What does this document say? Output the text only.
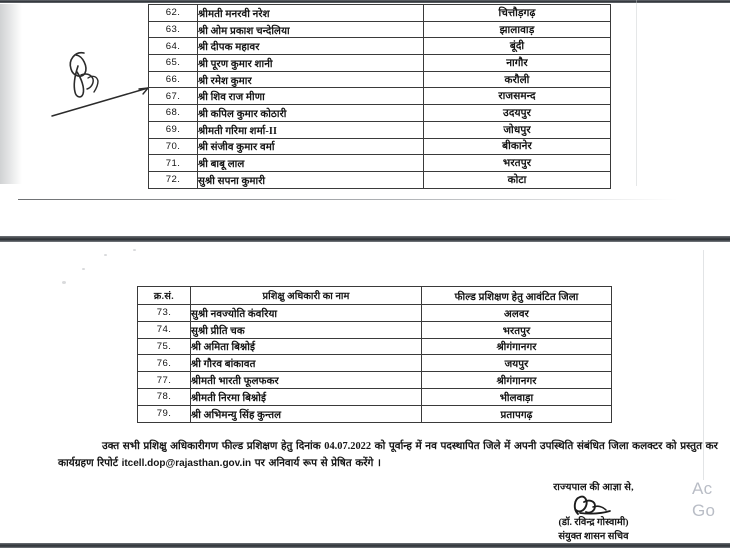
62.	श्रीमती मनरवी नरेश	चित्तौड़गढ़
63.	श्री ओम प्रकाश चन्देलिया	झालावाड़
64.	श्री दीपक महावर	बूंदी
65.	श्री पूरण कुमार शानी	नागौर
66.	श्री रमेश कुमार	करौली
67.	श्री शिव राज मीणा	राजसमन्द
68.	श्री कपिल कुमार कोठारी	उदयपुर
69.	श्रीमती गरिमा शर्मा-II	जोधपुर
70.	श्री संजीव कुमार वर्मा	बीकानेर
71.	श्री बाबू लाल	भरतपुर
72.	सुश्री सपना कुमारी	कोटा
क्र.सं.	प्रशिक्षु अधिकारी का नाम	फील्ड प्रशिक्षण हेतु आवंटित जिला
73.	सुश्री नवज्योति कंवरिया	अलवर
74.	सुश्री प्रीति चक	भरतपुर
75.	श्री अमिता बिश्नोई	श्रीगंगानगर
76.	श्री गौरव बांकावत	जयपुर
77.	श्रीमती भारती फूलफकर	श्रीगंगानगर
78.	श्रीमती निरमा बिश्नोई	भीलवाड़ा
79.	श्री अभिमन्यु सिंह कुन्तल	प्रतापगढ़

उक्त सभी प्रशिक्षु अधिकारीगण फील्ड प्रशिक्षण हेतु दिनांक 04.07.2022 को पूर्वान्ह में नव पदस्थापित जिले में अपनी उपस्थिति संबंधित जिला कलक्टर को प्रस्तुत कर कार्यग्रहण रिपोर्ट itcell.dop@rajasthan.gov.in पर अनिवार्य रूप से प्रेषित करेंगे ।

राज्यपाल की आज्ञा से,
(डॉ. रविन्द्र गोस्वामी)
संयुक्त शासन सचिव
Ac
Go
